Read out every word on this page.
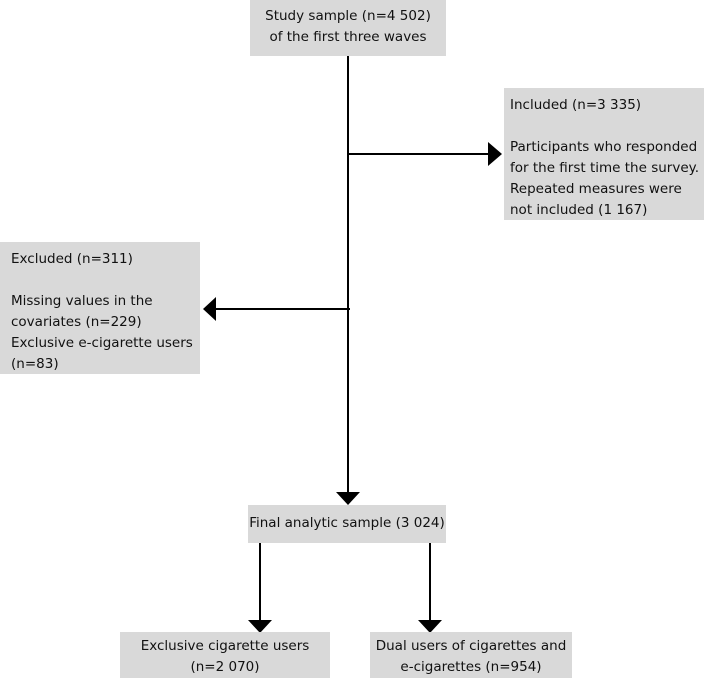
Study sample (n=4 502)
of the first three waves
Included (n=3 335)
Participants who responded
for the first time the survey.
Repeated measures were
not included (1 167)
Excluded (n=311)
Missing values in the
covariates (n=229)
Exclusive e-cigarette users
(n=83)
Final analytic sample (3 024)
Exclusive cigarette users
(n=2 070)
Dual users of cigarettes and
e-cigarettes (n=954)
